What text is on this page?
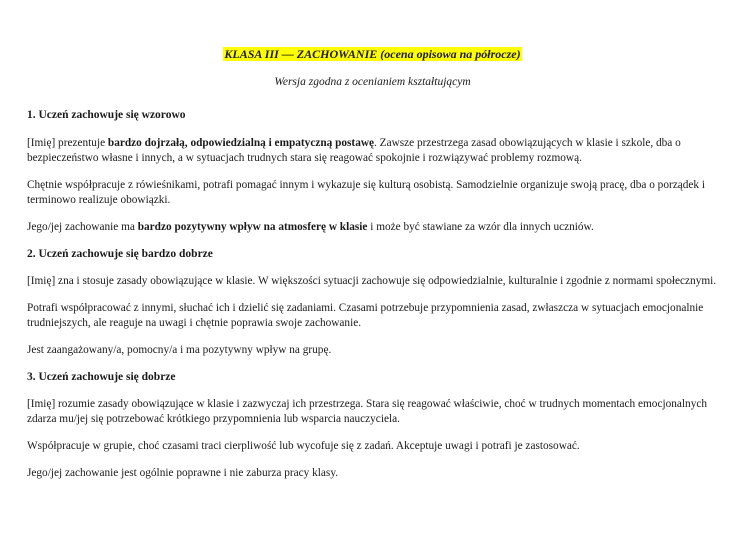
KLASA III — ZACHOWANIE (ocena opisowa na półrocze)
Wersja zgodna z ocenianiem kształtującym
1. Uczeń zachowuje się wzorowo

[Imię] prezentuje bardzo dojrzałą, odpowiedzialną i empatyczną postawę. Zawsze przestrzega zasad obowiązujących w klasie i szkole, dba o bezpieczeństwo własne i innych, a w sytuacjach trudnych stara się reagować spokojnie i rozwiązywać problemy rozmową.

Chętnie współpracuje z rówieśnikami, potrafi pomagać innym i wykazuje się kulturą osobistą. Samodzielnie organizuje swoją pracę, dba o porządek i terminowo realizuje obowiązki.

Jego/jej zachowanie ma bardzo pozytywny wpływ na atmosferę w klasie i może być stawiane za wzór dla innych uczniów.

2. Uczeń zachowuje się bardzo dobrze

[Imię] zna i stosuje zasady obowiązujące w klasie. W większości sytuacji zachowuje się odpowiedzialnie, kulturalnie i zgodnie z normami społecznymi.

Potrafi współpracować z innymi, słuchać ich i dzielić się zadaniami. Czasami potrzebuje przypomnienia zasad, zwłaszcza w sytuacjach emocjonalnie trudniejszych, ale reaguje na uwagi i chętnie poprawia swoje zachowanie.

Jest zaangażowany/a, pomocny/a i ma pozytywny wpływ na grupę.

3. Uczeń zachowuje się dobrze

[Imię] rozumie zasady obowiązujące w klasie i zazwyczaj ich przestrzega. Stara się reagować właściwie, choć w trudnych momentach emocjonalnych zdarza mu/jej się potrzebować krótkiego przypomnienia lub wsparcia nauczyciela.

Współpracuje w grupie, choć czasami traci cierpliwość lub wycofuje się z zadań. Akceptuje uwagi i potrafi je zastosować.

Jego/jej zachowanie jest ogólnie poprawne i nie zaburza pracy klasy.
